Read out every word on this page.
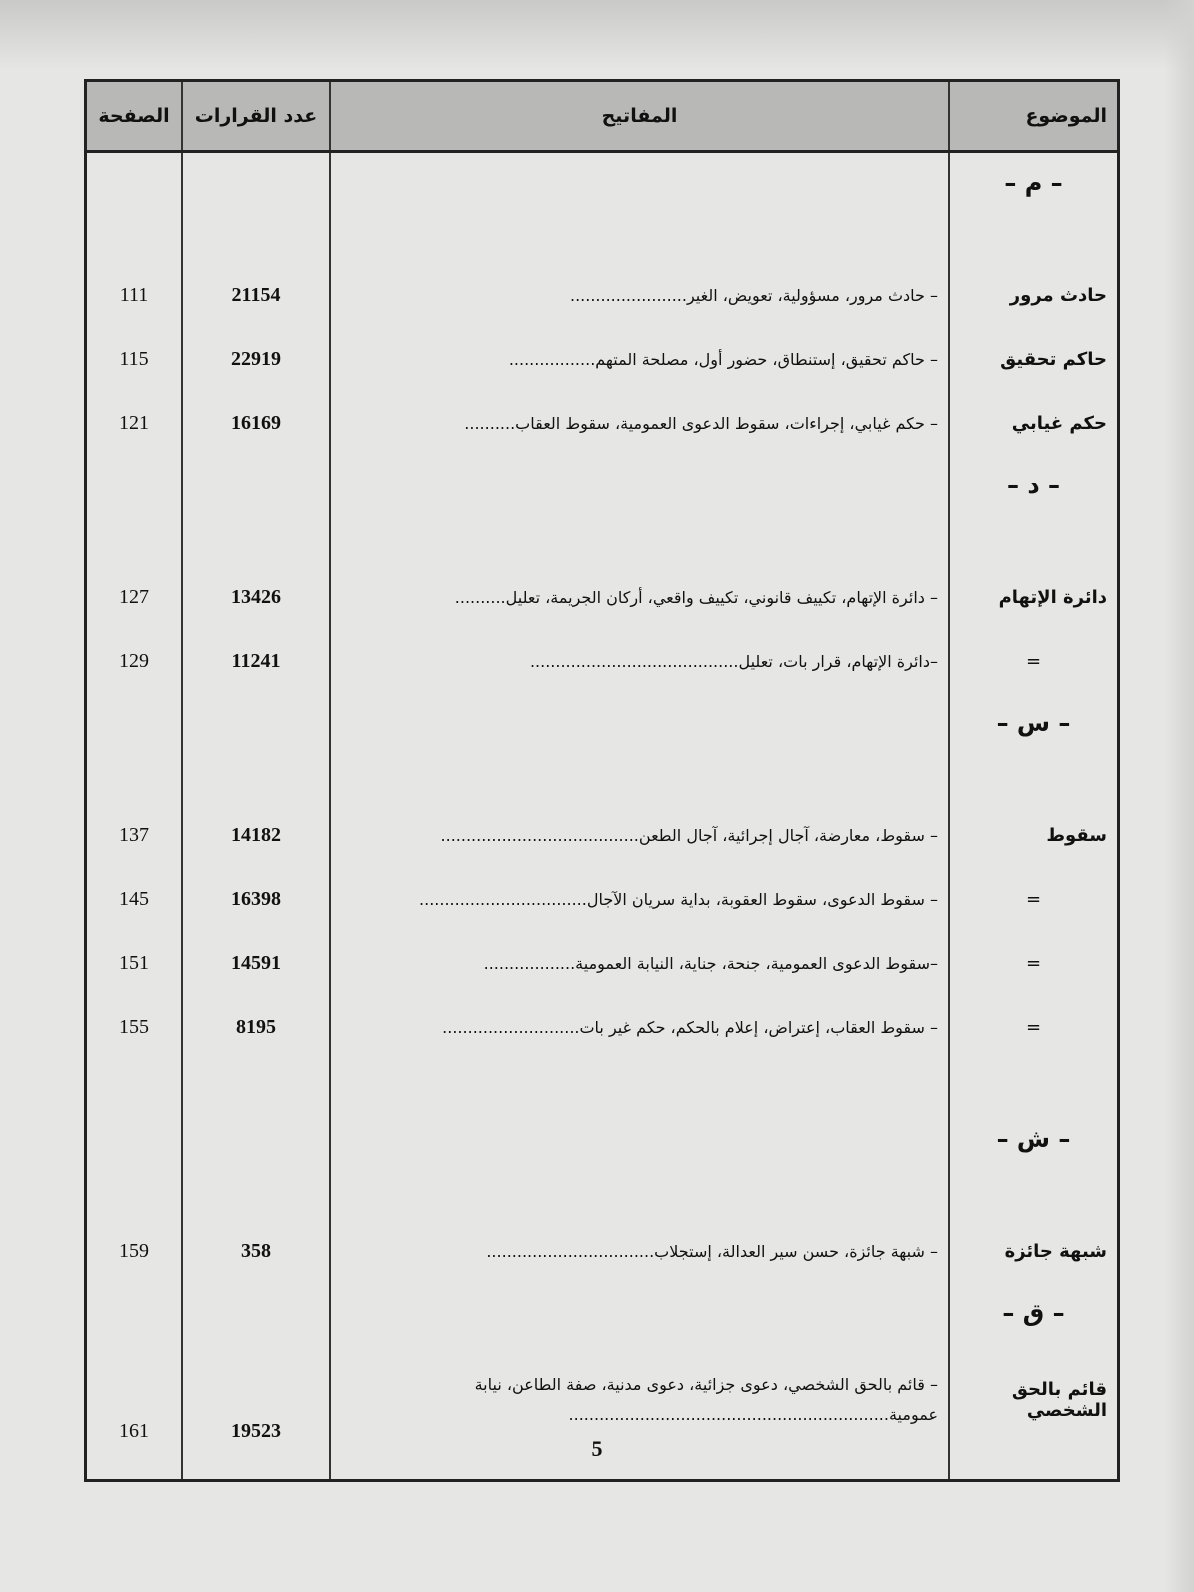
الموضوع	المفاتيح	عدد القرارات	الصفحة
– م –			

حادث مرور	– حادث مرور، مسؤولية، تعويض، الغير.......................	21154	111
حاكم تحقيق	– حاكم تحقيق، إستنطاق، حضور أول، مصلحة المتهم.................	22919	115
حكم غيابي	– حكم غيابي، إجراءات، سقوط الدعوى العمومية، سقوط العقاب..........	16169	121
– د –			

دائرة الإتهام	– دائرة الإتهام، تكييف قانوني، تكييف واقعي، أركان الجريمة، تعليل..........	13426	127
=	–دائرة الإتهام، قرار بات، تعليل.........................................	11241	129
– س –			

سقوط	– سقوط، معارضة، آجال إجرائية، آجال الطعن.......................................	14182	137
=	– سقوط الدعوى، سقوط العقوبة، بداية سريان الآجال.................................	16398	145
=	–سقوط الدعوى العمومية، جنحة، جناية، النيابة العمومية..................	14591	151
=	– سقوط العقاب، إعتراض، إعلام بالحكم، حكم غير بات...........................	8195	155

– ش –			

شبهة جائزة	– شبهة جائزة، حسن سير العدالة، إستجلاب.................................	358	159
– ق –			
قائم بالحق الشخصي	– قائم بالحق الشخصي، دعوى جزائية، دعوى مدنية، صفة الطاعن، نيابة عمومية...............................................................	19523	161

5
